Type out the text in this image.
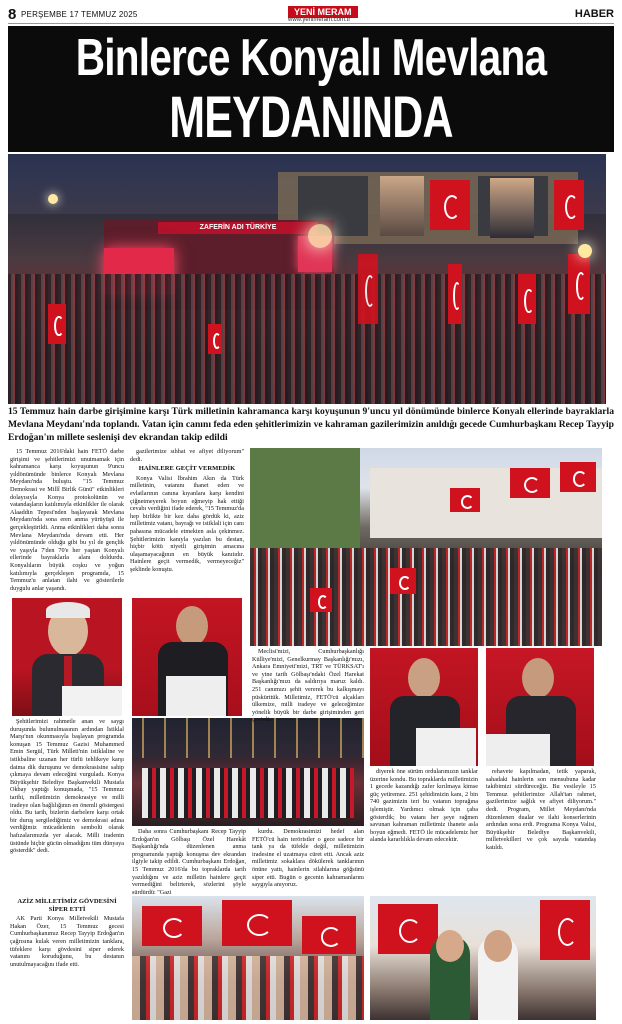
8 PERŞEMBE 17 TEMMUZ 2025	YENİ MERAM
www.yenimeram.com.tr	HABER
Binlerce Konyalı Mevlana
MEYDANINDA
ZAFERİN ADI TÜRKİYE
15 Temmuz hain darbe girişimine karşı Türk milletinin kahramanca karşı koyuşunun 9'uncu yıl dönümünde binlerce Konyalı ellerinde bayraklarla Mevlana Meydanı'nda toplandı. Vatan için canını feda eden şehitlerimizin ve kahraman gazilerimizin anıldığı gecede Cumhurbaşkanı Recep Tayyip Erdoğan'ın millete seslenişi dev ekrandan takip edildi

15 Temmuz 2016'daki hain FETÖ darbe girişimi ve şehitlerimizi unutmamak için kahramanca karşı koyuşunun 9'uncu yıldönümünde binlerce Konyalı Mevlana Meydanı'nda buluştu. "15 Temmuz Demokrasi ve Millî Birlik Günü" etkinlikleri dolayısıyla Konya protokolünün ve vatandaşların katılımıyla etkinlikler ile olarak Alaaddin Tepesi'nden başlayarak Mevlana Meydanı'nda sona eren anma yürüyüşü ile gerçekleştirildi. Anma etkinlikleri daha sonra Mevlana Meydanı'nda devam etti. Her yıldönümünde olduğu gibi bu yıl de gençlik ve yaşıyla 7'den 70'e her yaştan Konyalı ellerinde bayraklarla alanı doldurdu. Konyalıların büyük coşku ve yoğun katılımıyla gerçekleşen programda, 15 Temmuz'u anlatan ilahi ve gösterilerle duygulu anlar yaşandı.

gazilerimize sıhhat ve afiyet diliyorum" dedi.

HAİNLERE GEÇİT VERMEDİK

Konya Valisi İbrahim Akın da Türk milletinin, vatanını ihanet eden ve evlatlarının canına kıyanlara karşı kendini çiğnetmeyerek boyun eğmeyip hak ettiği cevabı verdiğini ifade ederek, "15 Temmuz'da hep birlikte bir kez daha gördük ki, aziz milletimiz vatanı, bayrağı ve istiklali için canı pahasına mücadele etmekten asla çekinmez. Şehitlerimizin kanıyla yazılan bu destan, hiçbir kötü niyetli girişimin amacına ulaşamayacağının en büyük kanıtıdır. Hainlere geçit vermedik, vermeyeceğiz" şeklinde konuştu.

Şehitlerimizi rahmetle anan ve saygı duruşunda bulunulmasının ardından İstiklal Marşı'nın okunmasıyla başlayan programda konuşan 15 Temmuz Gazisi Muhammed Emin Sergül, Türk Milleti'nin istiklaline ve istikbaline uzanan her türlü tehlikeye karşı daima dik duruşunu ve demokrasisine sahip çıkmaya devam edeceğini vurguladı. Konya Büyükşehir Belediye Başkanvekili Mustafa Okbay yaptığı konuşmada, "15 Temmuz tarihi, milletimizin demokrasiye ve milli iradeye olan bağlılığının en önemli göstergesi oldu. Bu tarih, bizlerin darbelere karşı ortak bir duruş sergilediğimiz ve demokrasi adına verdiğimiz mücadelenin sembolü olarak hafızalarımızda yer alacak. Milli iradenin üstünde hiçbir gücün olmadığını tüm dünyaya gösterdik" dedi.

Daha sonra Cumhurbaşkanı Recep Tayyip Erdoğan'ın Gölbaşı Özel Harekât Başkanlığı'nda düzenlenen anma programında yaptığı konuşma dev ekrandan ilgiyle takip edildi. Cumhurbaşkanı Erdoğan, 15 Temmuz 2016'da bu topraklarda tarih yazıldığını ve aziz milletin hainlere geçit vermediğini belirterek, sözlerini şöyle sürdürdü: "Gazi

Meclisi'mizi, Cumhurbaşkanlığı Külliye'mizi, Genelkurmay Başkanlığı'mızı, Ankara Emniyeti'mizi, TRT ve TÜRKSAT'ı ve yine tarih Gölbaşı'ndaki Özel Harekat Başkanlığı'mızı da saldırıya maruz kaldı. 251 canımızı şehit vererek bu kalkışmayı püskürttük. Milletimiz, FETÖ'cü alçakları ülkemize, milli iradeye ve geleceğimize yönelik büyük bir darbe girişiminden geri çevirdi.

kurdu. Demokrasimizi hedef alan FETÖ'cü hain teröristler o gece sadece bir tank ya da tüfekle değil, milletimizin iradesine el uzatmaya cüret etti. Ancak aziz milletimiz sokaklara dökülerek tanklarının önüne yattı, hainlerin silahlarına göğsünü siper etti. Bugün o gecenin kahramanlarını saygıyla anıyoruz.

diyerek öne sürüm ordularımızın tanklar üzerine kondu. Bu topraklarda milletimizin 1 gecede kazandığı zafer kırılmaya kimse güç yetiremez. 251 şehidimizin kanı, 2 bin 740 gazimizin teri bu vatanın toprağına işlemiştir. Yardımcı olmak için çaba gösterdik; bu vatanı her şeye rağmen savunan kahraman milletimiz ihanete asla boyun eğmedi. FETÖ ile mücadelemiz her alanda kararlılıkla devam edecektir.

rehavete kapılmadan, tetik yaparak, sahadaki hainlerin son mensubuna kadar takibimizi sürdüreceğiz. Bu vesileyle 15 Temmuz şehitlerimize Allah'tan rahmet, gazilerimize sağlık ve afiyet diliyorum." dedi. Program, Millet Meydanı'nda düzenlenen dualar ve ilahi konserlerinin ardından sona erdi. Programa Konya Valisi, Büyükşehir Belediye Başkanvekili, milletvekilleri ve çok sayıda vatandaş katıldı.

AZİZ MİLLETİMİZ GÖVDESİNİ SİPER ETTİ

AK Parti Konya Milletvekili Mustafa Hakan Özer, 15 Temmuz gecesi Cumhurbaşkanımız Recep Tayyip Erdoğan'ın çağrısına kulak veren milletimizin tanklara, tüfeklere karşı gövdesini siper ederek vatanını koruduğunu, bu destanın unutulmayacağını ifade etti.
